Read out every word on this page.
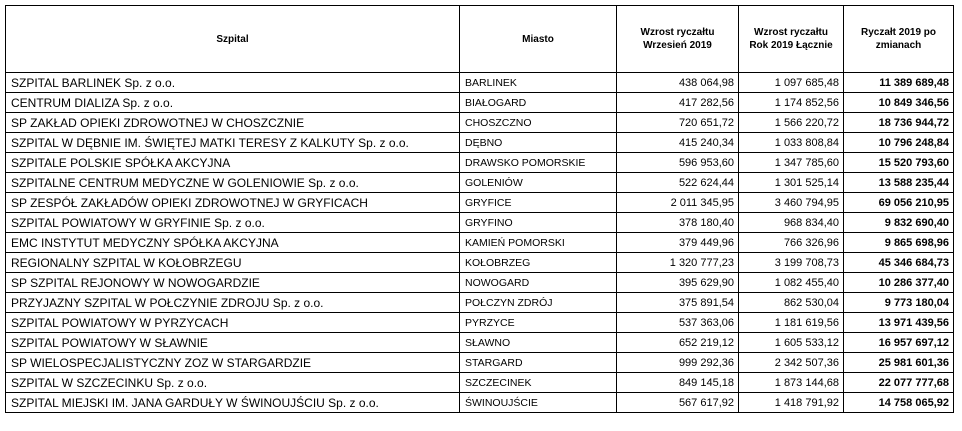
Szpital	Miasto	Wzrost ryczałtu Wrzesień 2019	Wzrost ryczałtu Rok 2019 Łącznie	Ryczałt 2019 po zmianach
SZPITAL BARLINEK Sp. z o.o.	BARLINEK	438 064,98	1 097 685,48	11 389 689,48
CENTRUM DIALIZA Sp. z o.o.	BIAŁOGARD	417 282,56	1 174 852,56	10 849 346,56
SP ZAKŁAD OPIEKI ZDROWOTNEJ W CHOSZCZNIE	CHOSZCZNO	720 651,72	1 566 220,72	18 736 944,72
SZPITAL W DĘBNIE IM. ŚWIĘTEJ MATKI TERESY Z KALKUTY Sp. z o.o.	DĘBNO	415 240,34	1 033 808,84	10 796 248,84
SZPITALE POLSKIE SPÓŁKA AKCYJNA	DRAWSKO POMORSKIE	596 953,60	1 347 785,60	15 520 793,60
SZPITALNE CENTRUM MEDYCZNE W GOLENIOWIE Sp. z o.o.	GOLENIÓW	522 624,44	1 301 525,14	13 588 235,44
SP ZESPÓŁ ZAKŁADÓW OPIEKI ZDROWOTNEJ W GRYFICACH	GRYFICE	2 011 345,95	3 460 794,95	69 056 210,95
SZPITAL POWIATOWY W GRYFINIE Sp. z o.o.	GRYFINO	378 180,40	968 834,40	9 832 690,40
EMC INSTYTUT MEDYCZNY SPÓŁKA AKCYJNA	KAMIEŃ POMORSKI	379 449,96	766 326,96	9 865 698,96
REGIONALNY SZPITAL W KOŁOBRZEGU	KOŁOBRZEG	1 320 777,23	3 199 708,73	45 346 684,73
SP SZPITAL REJONOWY W NOWOGARDZIE	NOWOGARD	395 629,90	1 082 455,40	10 286 377,40
PRZYJAZNY SZPITAL W POŁCZYNIE ZDROJU Sp. z o.o.	POŁCZYN ZDRÓJ	375 891,54	862 530,04	9 773 180,04
SZPITAL POWIATOWY W PYRZYCACH	PYRZYCE	537 363,06	1 181 619,56	13 971 439,56
SZPITAL POWIATOWY W SŁAWNIE	SŁAWNO	652 219,12	1 605 533,12	16 957 697,12
SP WIELOSPECJALISTYCZNY ZOZ W STARGARDZIE	STARGARD	999 292,36	2 342 507,36	25 981 601,36
SZPITAL W SZCZECINKU Sp. z o.o.	SZCZECINEK	849 145,18	1 873 144,68	22 077 777,68
SZPITAL MIEJSKI IM. JANA GARDUŁY W ŚWINOUJŚCIU Sp. z o.o.	ŚWINOUJŚCIE	567 617,92	1 418 791,92	14 758 065,92
